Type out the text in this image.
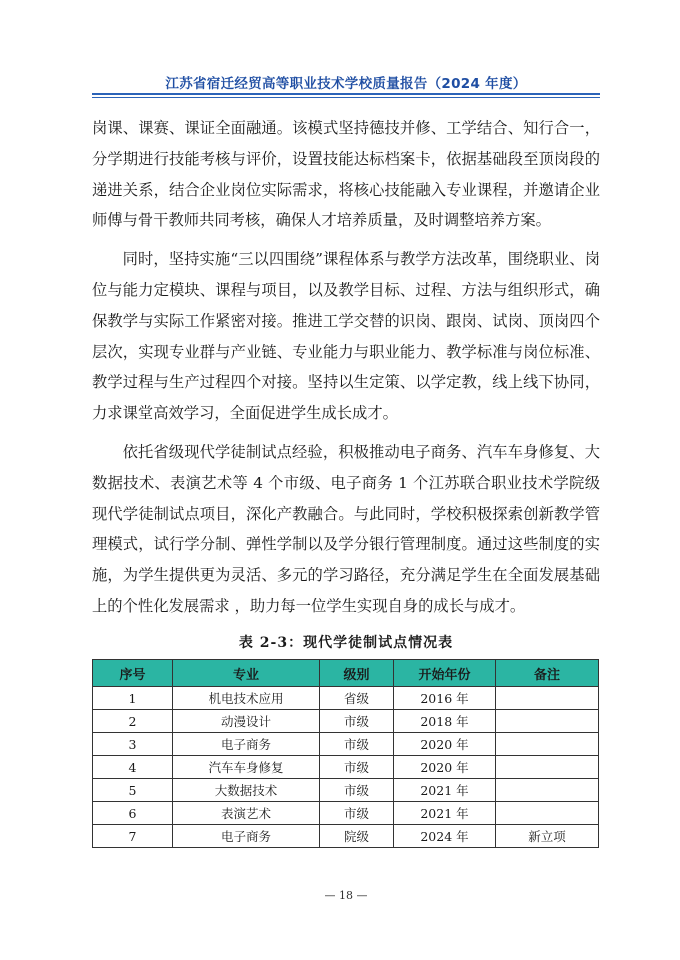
江苏省宿迁经贸高等职业技术学校质量报告（2024 年度）

岗课、课赛、课证全面融通。该模式坚持德技并修、工学结合、知行合一，分学期进行技能考核与评价，设置技能达标档案卡，依据基础段至顶岗段的递进关系，结合企业岗位实际需求，将核心技能融入专业课程，并邀请企业师傅与骨干教师共同考核，确保人才培养质量，及时调整培养方案。

同时，坚持实施“三以四围绕”课程体系与教学方法改革，围绕职业、岗位与能力定模块、课程与项目，以及教学目标、过程、方法与组织形式，确保教学与实际工作紧密对接。推进工学交替的识岗、跟岗、试岗、顶岗四个层次，实现专业群与产业链、专业能力与职业能力、教学标准与岗位标准、教学过程与生产过程四个对接。坚持以生定策、以学定教，线上线下协同，力求课堂高效学习，全面促进学生成长成才。

依托省级现代学徒制试点经验，积极推动电子商务、汽车车身修复、大数据技术、表演艺术等 4 个市级、电子商务 1 个江苏联合职业技术学院级现代学徒制试点项目，深化产教融合。与此同时，学校积极探索创新教学管理模式，试行学分制、弹性学制以及学分银行管理制度。通过这些制度的实施，为学生提供更为灵活、多元的学习路径，充分满足学生在全面发展基础上的个性化发展需求 ，助力每一位学生实现自身的成长与成才。

表 2-3：现代学徒制试点情况表
序号	专业	级别	开始年份	备注
1	机电技术应用	省级	2016 年	
2	动漫设计	市级	2018 年	
3	电子商务	市级	2020 年	
4	汽车车身修复	市级	2020 年	
5	大数据技术	市级	2021 年	
6	表演艺术	市级	2021 年	
7	电子商务	院级	2024 年	新立项
— 18 —
